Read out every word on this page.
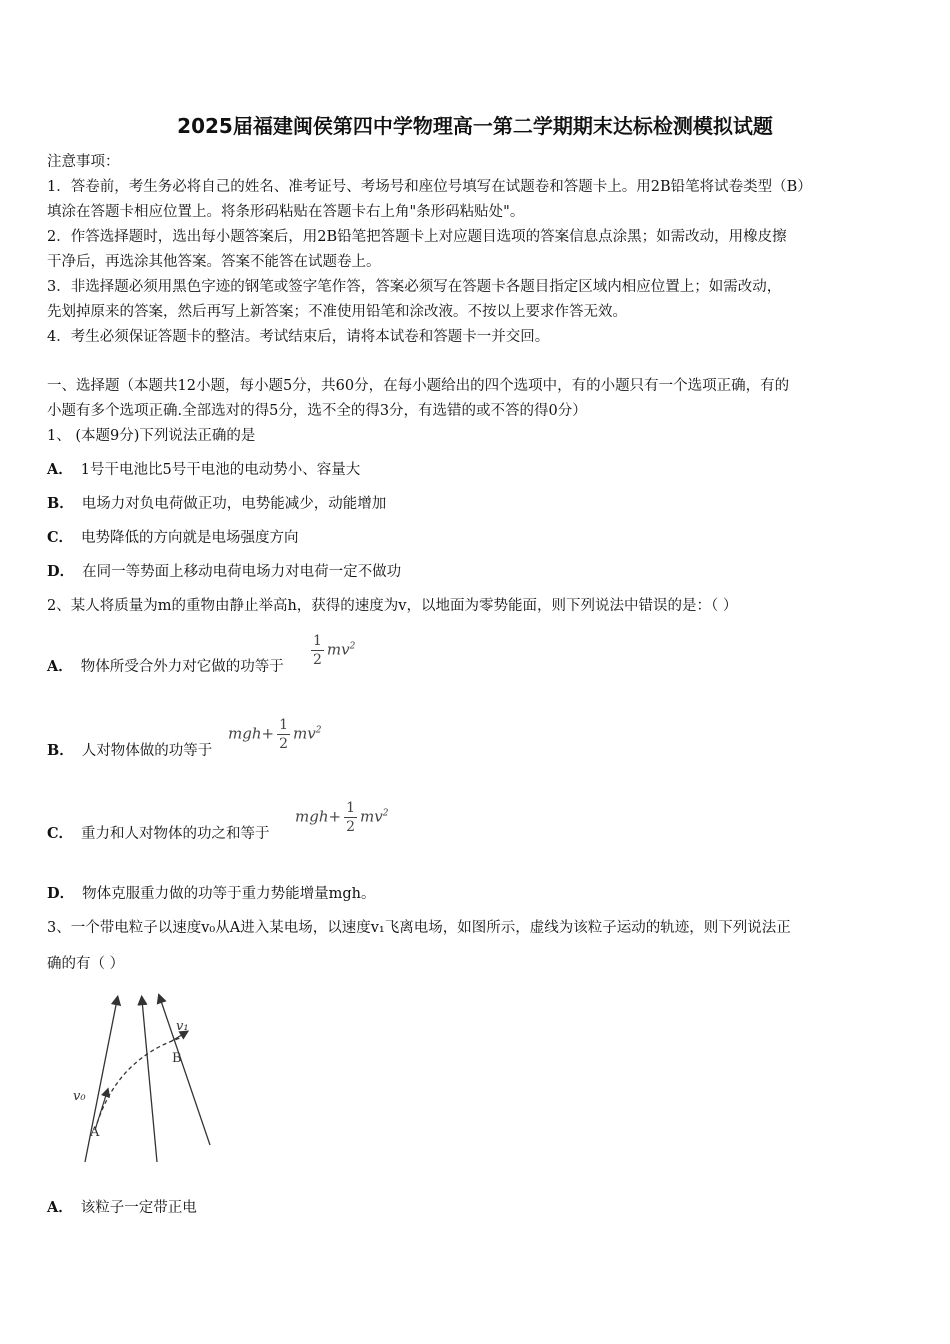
2025届福建闽侯第四中学物理高一第二学期期末达标检测模拟试题
注意事项：
1．答卷前，考生务必将自己的姓名、准考证号、考场号和座位号填写在试题卷和答题卡上。用2B铅笔将试卷类型（B）
填涂在答题卡相应位置上。将条形码粘贴在答题卡右上角"条形码粘贴处"。
2．作答选择题时，选出每小题答案后，用2B铅笔把答题卡上对应题目选项的答案信息点涂黑；如需改动，用橡皮擦
干净后，再选涂其他答案。答案不能答在试题卷上。
3．非选择题必须用黑色字迹的钢笔或签字笔作答，答案必须写在答题卡各题目指定区域内相应位置上；如需改动，
先划掉原来的答案，然后再写上新答案；不准使用铅笔和涂改液。不按以上要求作答无效。
4．考生必须保证答题卡的整洁。考试结束后，请将本试卷和答题卡一并交回。
一、选择题（本题共12小题，每小题5分，共60分，在每小题给出的四个选项中，有的小题只有一个选项正确，有的
小题有多个选项正确.全部选对的得5分，选不全的得3分，有选错的或不答的得0分）
1、 (本题9分)下列说法正确的是
A． 1号干电池比5号干电池的电动势小、容量大
B． 电场力对负电荷做正功，电势能减少，动能增加
C． 电势降低的方向就是电场强度方向
D． 在同一等势面上移动电荷电场力对电荷一定不做功
2、某人将质量为m的重物由静止举高h，获得的速度为v，以地面为零势能面，则下列说法中错误的是：（ ）
A． 物体所受合外力对它做的功等于	$\frac{1}{2} mv^2$
B． 人对物体做的功等于
$mgh+ \frac{1}{2} mv^2$
C． 重力和人对物体的功之和等于
$mgh+ \frac{1}{2} mv^2$
D． 物体克服重力做的功等于重力势能增量mgh。
3、一个带电粒子以速度v₀从A进入某电场，以速度v₁飞离电场，如图所示，虚线为该粒子运动的轨迹，则下列说法正
确的有（ ）
v₀
v₁
A
B
A． 该粒子一定带正电
